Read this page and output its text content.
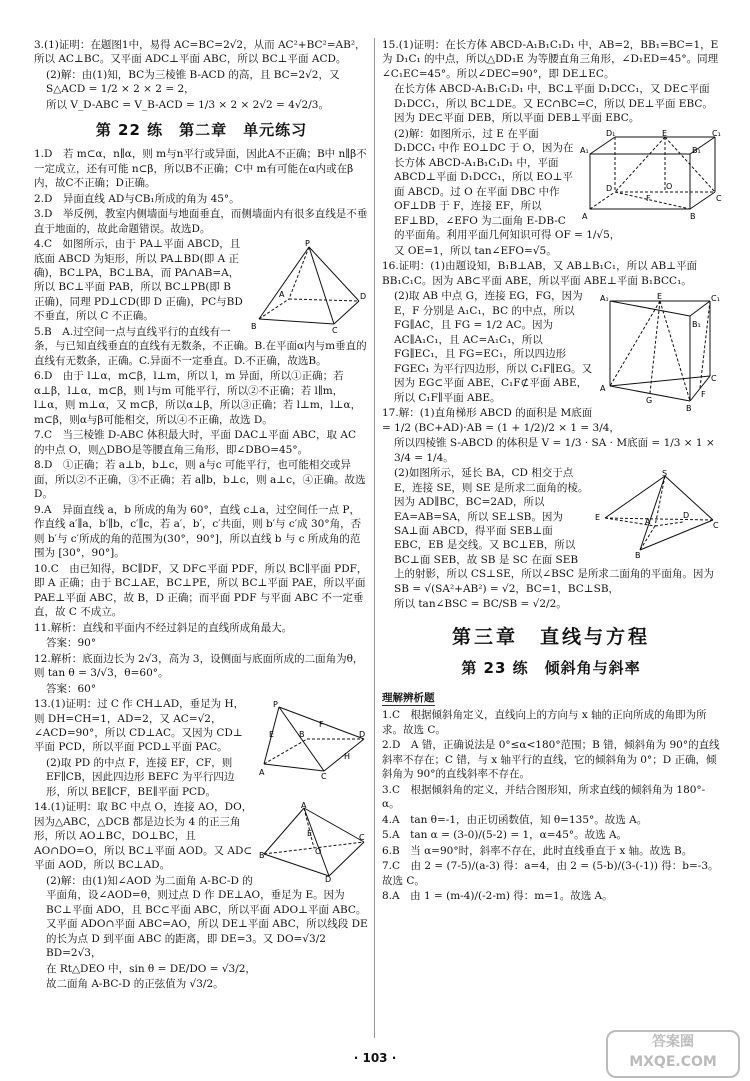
3.(1)证明：在题图1中，易得 AC=BC=2√2，从而 AC²+BC²=AB²，所以 AC⊥BC。又平面 ADC⊥平面 ABC，所以 BC⊥平面 ACD。

(2)解：由(1)知，BC为三棱锥 B-ACD 的高，且 BC=2√2，又 S△ACD = 1/2 × 2 × 2 = 2，

所以 V_D-ABC = V_B-ACD = 1/3 × 2 × 2√2 = 4√2/3。

第 22 练　第二章　单元练习

1.D　若 m⊂α，n∥α，则 m与n平行或异面，因此A不正确；B中 n∥β不一定成立，还有可能 n⊂β，所以B不正确；C中 m有可能在α内或在β内，故C不正确；D正确。

2.D　异面直线 AD与CB₁所成的角为 45°。

3.D　举反例，教室内侧墙面与地面垂直，而侧墙面内有很多直线是不垂直于地面的，故此命题错误。故选D。

P
A
B	C
D

4.C　如图所示，由于 PA⊥平面 ABCD，且底面 ABCD 为矩形，所以 PA⊥BD(即 A 正确)，BC⊥PA，BC⊥BA，而 PA∩AB=A，所以 BC⊥平面 PAB，所以 BC⊥PB(即 B 正确)，同理 PD⊥CD(即 D 正确)，PC与BD不垂直，所以 C 不正确。

5.B　A.过空间一点与直线平行的直线有一条，与已知直线垂直的直线有无数条，不正确。B.在平面α内与m垂直的直线有无数条，正确。C.异面不一定垂直。D.不正确，故选B。

6.D　由于 l⊥α，m⊂β，l⊥m，所以 l，m 异面，所以①正确；若α⊥β，l⊥α，m⊂β，则 l与m 可能平行，所以②不正确；若 l∥m，l⊥α，则 m⊥α，又 m⊂β，所以α⊥β，所以③正确；若 l⊥m，l⊥α，m⊂β，则α与β可能相交，所以④不正确，故选 D。

7.C　当三棱锥 D-ABC 体积最大时，平面 DAC⊥平面 ABC，取 AC 的中点 O，则△DBO是等腰直角三角形，即∠DBO=45°。

8.D　①正确；若 a⊥b，b⊥c，则 a与c 可能平行，也可能相交或异面，所以②不正确，③不正确；若 a∥b，b⊥c，则 a⊥c，④正确。故选D。

9.A　异面直线 a，b 所成的角为 60°，直线 c⊥a，过空间任一点 P，作直线 a′∥a，b′∥b，c′∥c，若 a′，b′，c′共面，则 b′与 c′成 30°角，否则 b′与 c′所成的角的范围为(30°，90°]，所以直线 b 与 c 所成角的范围为 [30°，90°]。

10.C　由已知得，BC∥DF，又 DF⊂平面 PDF，所以 BC∥平面 PDF，即 A 正确；由于 BC⊥AE，BC⊥PE，所以 BC⊥平面 PAE，所以平面 PAE⊥平面 ABC，故 B，D 正确；而平面 PDF 与平面 ABC 不一定垂直，故 C 不成立。

11.解析：直线和平面内不经过斜足的直线所成角最大。

答案：90°

12.解析：底面边长为 2√3，高为 3，设侧面与底面所成的二面角为θ，则 tan θ = 3/√3，θ=60°。

答案：60°

P
A
B
C
D
E
F
H

13.(1)证明：过 C 作 CH⊥AD，垂足为 H，则 DH=CH=1，AD=2，又 AC=√2，∠ACD=90°，所以 CD⊥AC。又因为 CD⊥平面 PCD，所以平面 PCD⊥平面 PAC。

(2)取 PD 的中点 F，连接 EF，CF，则 EF∥CB，因此四边形 BEFC 为平行四边形，所以 BE∥CF，BE∥平面 PCD。

A
B
C
D
E
O

14.(1)证明：取 BC 中点 O，连接 AO，DO，因为△ABC，△DCB 都是边长为 4 的正三角形，所以 AO⊥BC，DO⊥BC，且 AO∩DO=O，所以 BC⊥平面 AOD。又 AD⊂平面 AOD，所以 BC⊥AD。

(2)解：由(1)知∠AOD 为二面角 A-BC-D 的平面角，设∠AOD=θ，则过点 D 作 DE⊥AO，垂足为 E。因为 BC⊥平面 ADO，且 BC⊂平面 ABC，所以平面 ADO⊥平面 ABC。又平面 ADO∩平面 ABC=AO，所以 DE⊥平面 ABC，所以线段 DE 的长为点 D 到平面 ABC 的距离，即 DE=3。又 DO=√3/2 BD=2√3，

在 Rt△DEO 中，sin θ = DE/DO = √3/2，

故二面角 A-BC-D 的正弦值为 √3/2。

15.(1)证明：在长方体 ABCD-A₁B₁C₁D₁ 中，AB=2，BB₁=BC=1，E 为 D₁C₁ 的中点，所以△DD₁E 为等腰直角三角形，∠D₁ED=45°。同理∠C₁EC=45°。所以∠DEC=90°，即 DE⊥EC。

在长方体 ABCD-A₁B₁C₁D₁ 中，BC⊥平面 D₁DCC₁，又 DE⊂平面 D₁DCC₁，所以 BC⊥DE。又 EC∩BC=C，所以 DE⊥平面 EBC。因为 DE⊂平面 DEB，所以平面 DEB⊥平面 EBC。

D₁	E	C₁
A₁	B₁
D
C
A	B
F
O

(2)解：如图所示，过 E 在平面 D₁DCC₁ 中作 EO⊥DC 于 O，因为在长方体 ABCD-A₁B₁C₁D₁ 中，平面 ABCD⊥平面 D₁DCC₁，所以 EO⊥平面 ABCD。过 O 在平面 DBC 中作 OF⊥DB 于 F，连接 EF，所以 EF⊥BD，∠EFO 为二面角 E-DB-C 的平面角。利用平面几何知识可得 OF = 1/√5，

又 OE=1，所以 tan∠EFO=√5。

16.证明：(1)由题设知，B₁B⊥AB，又 AB⊥B₁C₁，所以 AB⊥平面 BB₁C₁C。因为 AB⊂平面 ABE，所以平面 ABE⊥平面 B₁BCC₁。

A₁	E	C₁
B₁
A
G
B
F
C

(2)取 AB 中点 G，连接 EG，FG，因为 E，F 分别是 A₁C₁，BC 的中点，所以 FG∥AC，且 FG = 1/2 AC。因为 AC∥A₁C₁，且 AC=A₁C₁，所以 FG∥EC₁，且 FG=EC₁，所以四边形 FGEC₁ 为平行四边形，所以 C₁F∥EG。又因为 EG⊂平面 ABE，C₁F⊄平面 ABE，所以 C₁F∥平面 ABE。

17.解：(1)直角梯形 ABCD 的面积是 M底面 = 1/2 (BC+AD)·AB = (1 + 1/2)/2 × 1 = 3/4，

所以四棱锥 S-ABCD 的体积是 V = 1/3 · SA · M底面 = 1/3 × 1 × 3/4 = 1/4。

S
E	A
D
B
C

(2)如图所示，延长 BA，CD 相交于点 E，连接 SE，则 SE 是所求二面角的棱。因为 AD∥BC，BC=2AD，所以 EA=AB=SA，所以 SE⊥SB。因为 SA⊥面 ABCD，得平面 SEB⊥面 EBC，EB 是交线。又 BC⊥EB，所以 BC⊥面 SEB，故 SB 是 SC 在面 SEB 上的射影，所以 CS⊥SE，所以∠BSC 是所求二面角的平面角。因为 SB = √(SA²+AB²) = √2，BC=1，BC⊥SB，

所以 tan∠BSC = BC/SB = √2/2。

第三章　直线与方程
第 23 练　倾斜角与斜率
理解辨析题

1.C　根据倾斜角定义，直线向上的方向与 x 轴的正向所成的角即为所求。故选 C。

2.D　A 错，正确说法是 0°≤α<180°范围；B 错，倾斜角为 90°的直线斜率不存在；C 错，与 x 轴平行的直线，它的倾斜角为 0°；D 正确，倾斜角为 90°的直线斜率不存在。

3.C　根据倾斜角的定义，并结合图形知，所求直线的倾斜角为 180°-α。

4.A　tan θ=-1，由正切函数值，知 θ=135°。故选 A。

5.A　tan α = (3-0)/(5-2) = 1，α=45°。故选 A。

6.B　当 α=90°时，斜率不存在，此时直线垂直于 x 轴。故选 B。

7.C　由 2 = (7-5)/(a-3) 得：a=4，由 2 = (5-b)/(3-(-1)) 得：b=-3。故选 C。

8.A　由 1 = (m-4)/(-2-m) 得：m=1。故选 A。

· 103 ·
答案圈 MXQE.COM
